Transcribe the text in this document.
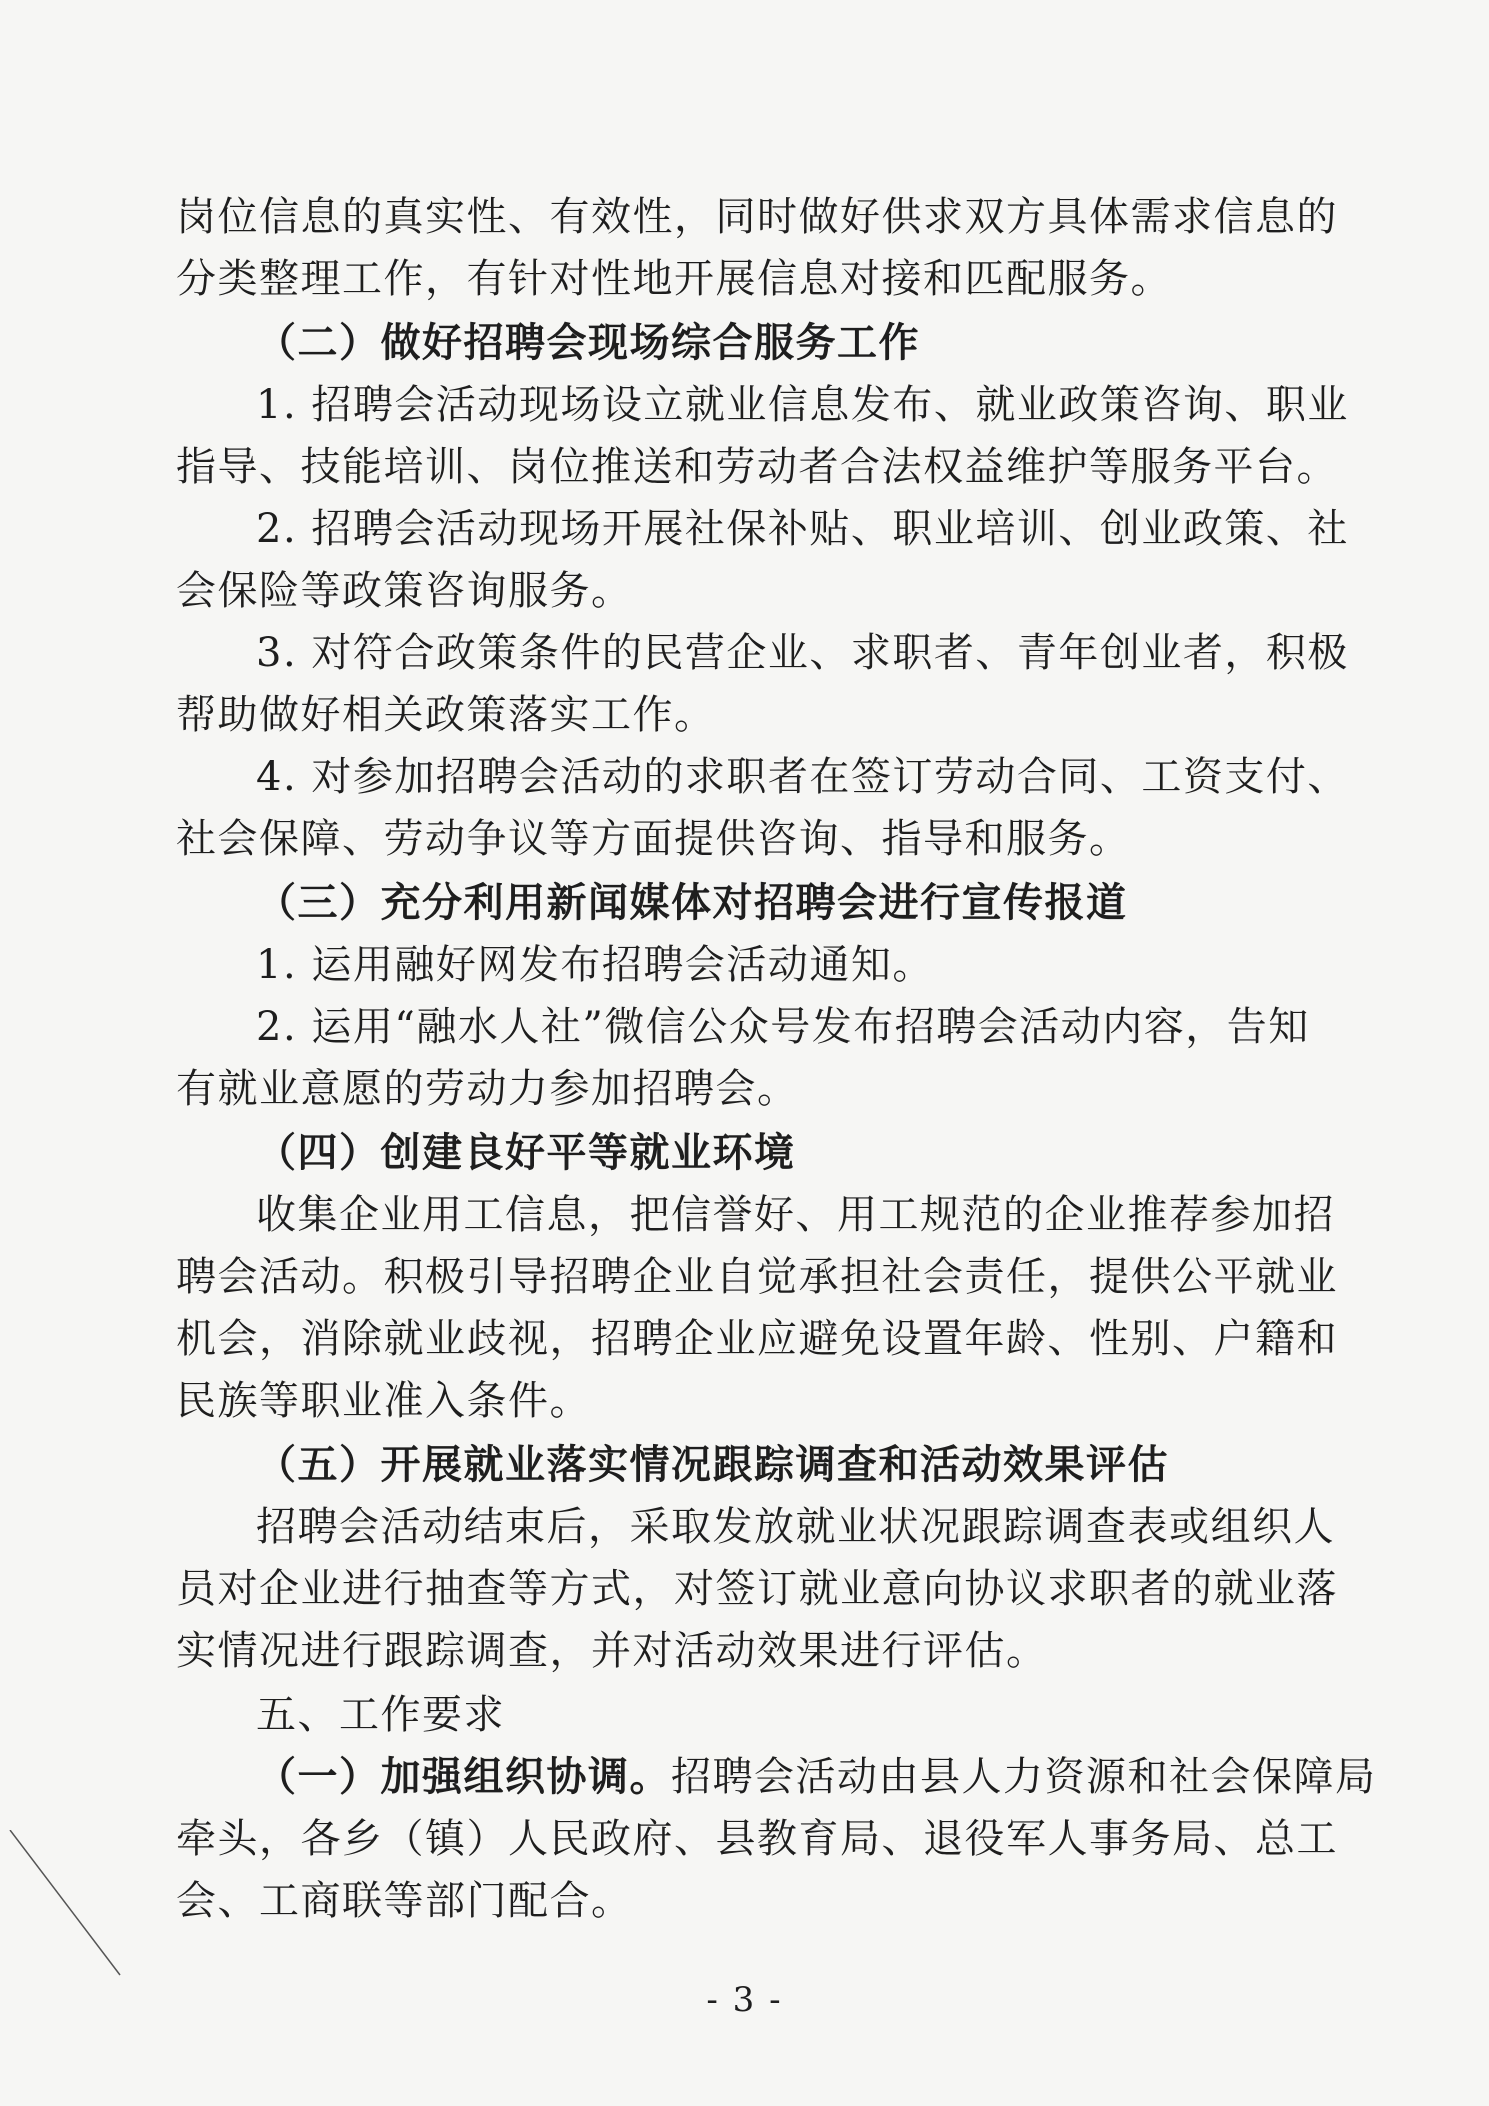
岗位信息的真实性、有效性，同时做好供求双方具体需求信息的
分类整理工作，有针对性地开展信息对接和匹配服务。
（二）做好招聘会现场综合服务工作
1. 招聘会活动现场设立就业信息发布、就业政策咨询、职业
指导、技能培训、岗位推送和劳动者合法权益维护等服务平台。
2. 招聘会活动现场开展社保补贴、职业培训、创业政策、社
会保险等政策咨询服务。
3. 对符合政策条件的民营企业、求职者、青年创业者，积极
帮助做好相关政策落实工作。
4. 对参加招聘会活动的求职者在签订劳动合同、工资支付、
社会保障、劳动争议等方面提供咨询、指导和服务。
（三）充分利用新闻媒体对招聘会进行宣传报道
1. 运用融好网发布招聘会活动通知。
2. 运用“融水人社”微信公众号发布招聘会活动内容，告知
有就业意愿的劳动力参加招聘会。
（四）创建良好平等就业环境
收集企业用工信息，把信誉好、用工规范的企业推荐参加招
聘会活动。积极引导招聘企业自觉承担社会责任，提供公平就业
机会，消除就业歧视，招聘企业应避免设置年龄、性别、户籍和
民族等职业准入条件。
（五）开展就业落实情况跟踪调查和活动效果评估
招聘会活动结束后，采取发放就业状况跟踪调查表或组织人
员对企业进行抽查等方式，对签订就业意向协议求职者的就业落
实情况进行跟踪调查，并对活动效果进行评估。
五、工作要求
（一）加强组织协调。招聘会活动由县人力资源和社会保障局
牵头，各乡（镇）人民政府、县教育局、退役军人事务局、总工
会、工商联等部门配合。
- 3 -
